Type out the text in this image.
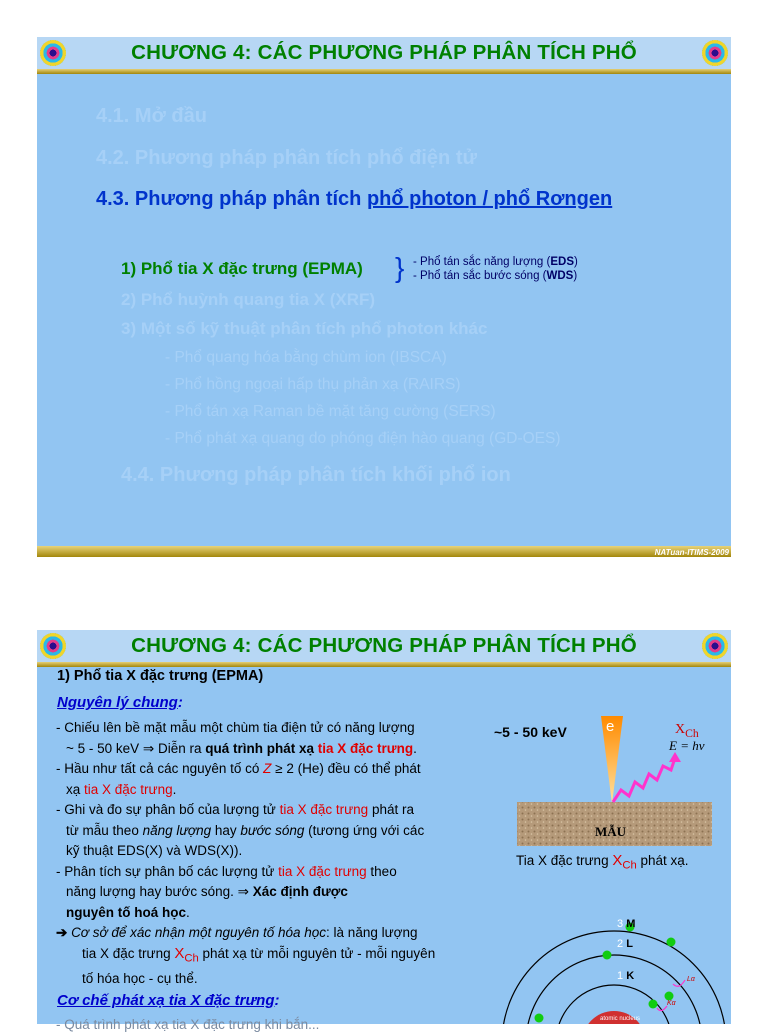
CHƯƠNG 4: CÁC PHƯƠNG PHÁP PHÂN TÍCH PHỔ
4.1. Mở đầu
4.2. Phương pháp phân tích phổ điện tử
4.3. Phương pháp phân tích phổ photon / phổ Rơngen
1) Phổ tia X đặc trưng (EPMA) } - Phổ tán sắc năng lượng (EDS)
- Phổ tán sắc bước sóng (WDS)
2) Phổ huỳnh quang tia X (XRF)
3) Một số kỹ thuật phân tích phổ photon khác
- Phổ quang hóa bằng chùm ion (IBSCA)
- Phổ hồng ngoại hấp thụ phản xạ (RAIRS)
- Phổ tán xạ Raman bề mặt tăng cường (SERS)
- Phổ phát xạ quang do phóng điện hào quang (GD-OES)
4.4. Phương pháp phân tích khối phổ ion
NATuan-ITIMS-2009
CHƯƠNG 4: CÁC PHƯƠNG PHÁP PHÂN TÍCH PHỔ
1) Phổ tia X đặc trưng (EPMA)
Nguyên lý chung:
- Chiếu lên bề mặt mẫu một chùm tia điện tử có năng lượng
~ 5 - 50 keV ⇒ Diễn ra quá trình phát xạ tia X đặc trưng.
- Hầu như tất cả các nguyên tố có Z ≥ 2 (He) đều có thể phát
xạ tia X đặc trưng.
- Ghi và đo sự phân bố của lượng tử tia X đặc trưng phát ra
từ mẫu theo năng lượng hay bước sóng (tương ứng với các
kỹ thuật EDS(X) và WDS(X)).
- Phân tích sự phân bố các lượng tử tia X đặc trưng theo
năng lượng hay bước sóng. ⇒ Xác định được
nguyên tố hoá học.
➔ Cơ sở để xác nhận một nguyên tố hóa học: là năng lượng
tia X đặc trưng $X_{Ch}$ phát xạ từ mỗi nguyên tử - mỗi nguyên
tố hóa học - cụ thể.
Cơ chế phát xạ tia X đặc trưng:
- Quá trình phát xạ tia X đặc trưng khi bắn...
~5 - 50 keV	e	$X_{Ch}$
E = hν
MẪU
Tia X đặc trưng $X_{Ch}$ phát xạ.
3 M
2 L
1 K
atomic nucleus
Lα
Kα
